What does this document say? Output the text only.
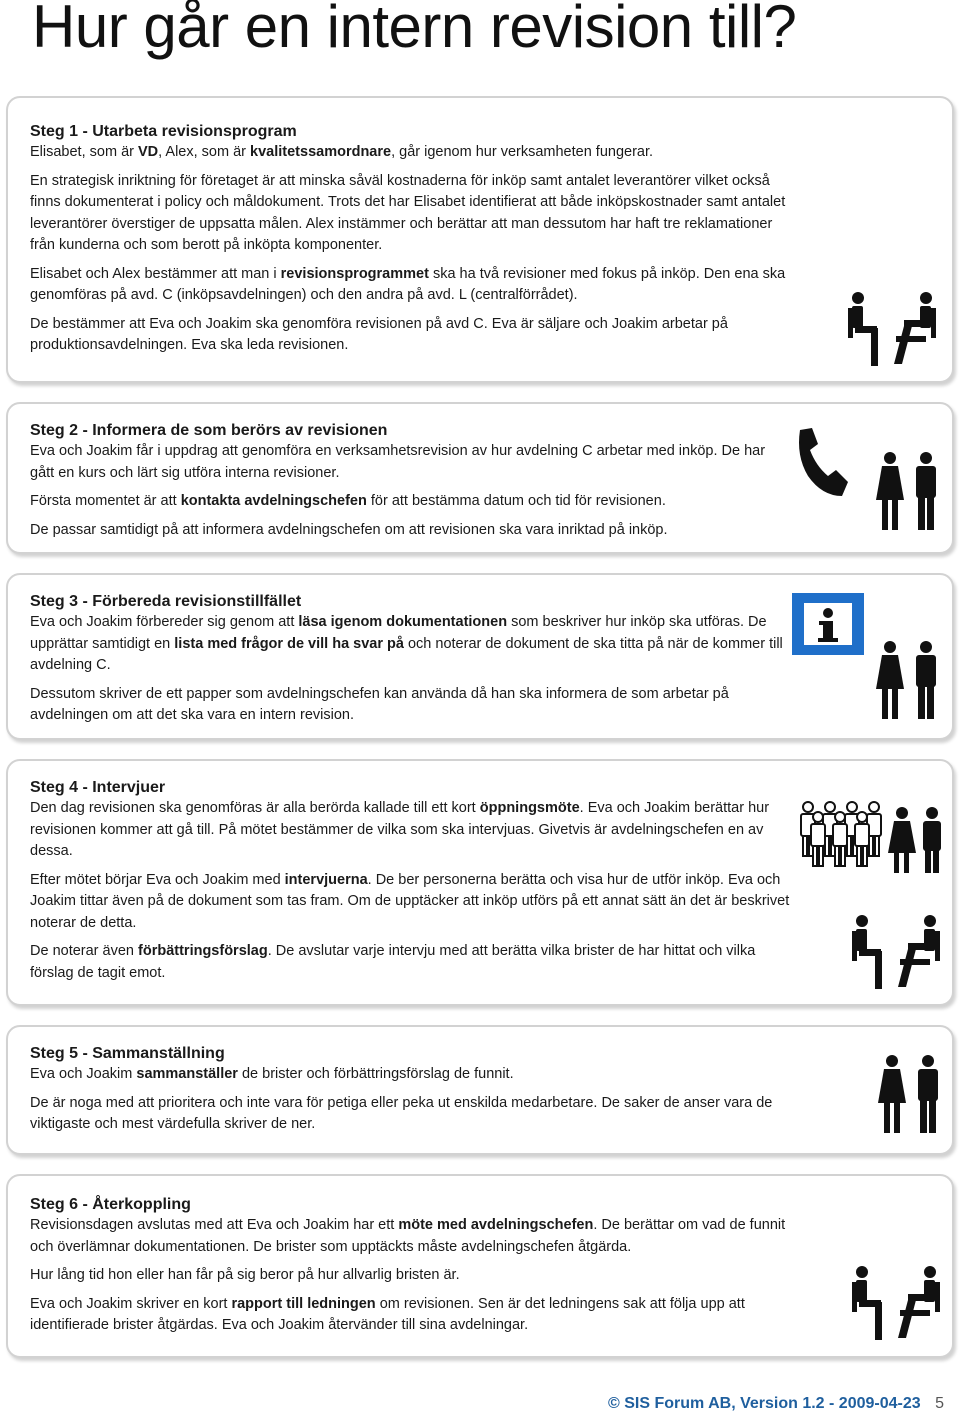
Hur går en intern revision till?
Steg 1 - Utarbeta revisionsprogram

Elisabet, som är VD, Alex, som är kvalitetssamordnare, går igenom hur verksamheten fungerar.

En strategisk inriktning för företaget är att minska såväl kostnaderna för inköp samt antalet leverantörer vilket också finns dokumenterat i policy och måldokument. Trots det har Elisabet identifierat att både inköpskostnader samt antalet leverantörer överstiger de uppsatta målen. Alex instämmer och berättar att man dessutom har haft tre reklamationer från kunderna och som berott på inköpta komponenter.

Elisabet och Alex bestämmer att man i revisionsprogrammet ska ha två revisioner med fokus på inköp. Den ena ska genomföras på avd. C (inköpsavdelningen) och den andra på avd. L (centralförrådet).

De bestämmer att Eva och Joakim ska genomföra revisionen på avd C. Eva är säljare och Joakim arbetar på produktionsavdelningen. Eva ska leda revisionen.

Steg 2 - Informera de som berörs av revisionen

Eva och Joakim får i uppdrag att genomföra en verksamhetsrevision av hur avdelning C arbetar med inköp. De har gått en kurs och lärt sig utföra interna revisioner.

Första momentet är att kontakta avdelningschefen för att bestämma datum och tid för revisionen.

De passar samtidigt på att informera avdelningschefen om att revisionen ska vara inriktad på inköp.

Steg 3 - Förbereda revisionstillfället

Eva och Joakim förbereder sig genom att läsa igenom dokumentationen som beskriver hur inköp ska utföras. De upprättar samtidigt en lista med frågor de vill ha svar på och noterar de dokument de ska titta på när de kommer till avdelning C.

Dessutom skriver de ett papper som avdelningschefen kan använda då han ska informera de som arbetar på avdelningen om att det ska vara en intern revision.

Steg 4 - Intervjuer

Den dag revisionen ska genomföras är alla berörda kallade till ett kort öppningsmöte. Eva och Joakim berättar hur revisionen kommer att gå till. På mötet bestämmer de vilka som ska intervjuas. Givetvis är avdelningschefen en av dessa.

Efter mötet börjar Eva och Joakim med intervjuerna. De ber personerna berätta och visa hur de utför inköp. Eva och Joakim tittar även på de dokument som tas fram. Om de upptäcker att inköp utförs på ett annat sätt än det är beskrivet noterar de detta.

De noterar även förbättringsförslag. De avslutar varje intervju med att berätta vilka brister de har hittat och vilka förslag de tagit emot.

Steg 5 - Sammanställning

Eva och Joakim sammanställer de brister och förbättringsförslag de funnit.

De är noga med att prioritera och inte vara för petiga eller peka ut enskilda medarbetare. De saker de anser vara de viktigaste och mest värdefulla skriver de ner.

Steg 6 - Återkoppling

Revisionsdagen avslutas med att Eva och Joakim har ett möte med avdelningschefen. De berättar om vad de funnit och överlämnar dokumentationen. De brister som upptäckts måste avdelningschefen åtgärda.

Hur lång tid hon eller han får på sig beror på hur allvarlig bristen är.

Eva och Joakim skriver en kort rapport till ledningen om revisionen. Sen är det ledningens sak att följa upp att identifierade brister åtgärdas. Eva och Joakim återvänder till sina avdelningar.

© SIS Forum AB, Version 1.2 - 2009-04-23 5
